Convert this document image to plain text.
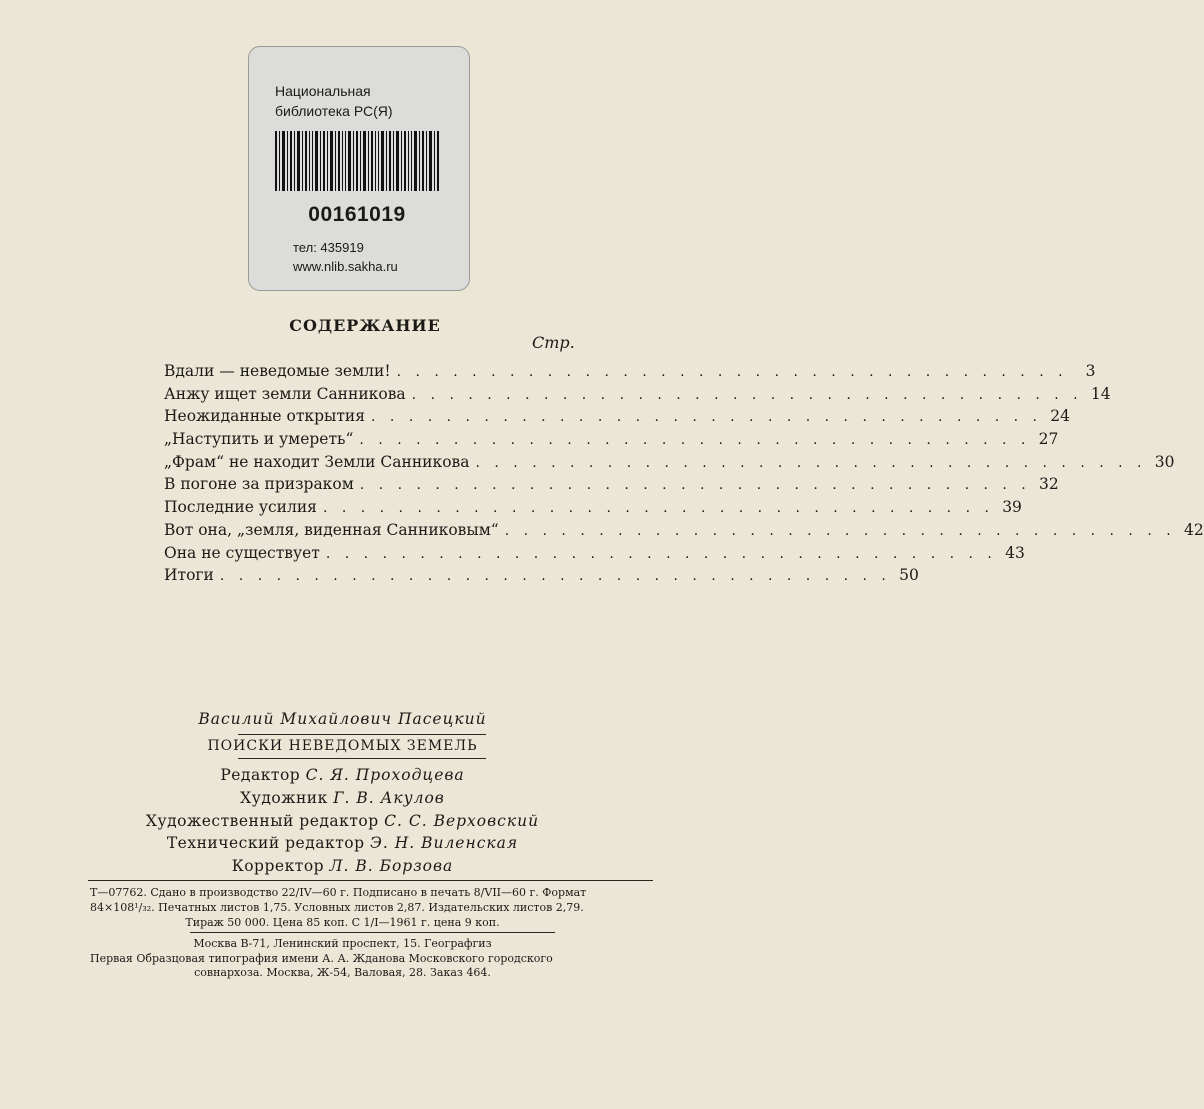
Национальная
библиотека РС(Я)
00161019
тел: 435919
www.nlib.sakha.ru
СОДЕРЖАНИЕ
Стр.
Вдали — неведомые земли! . . . . . . . . . . . . . . . . . . . . . . . . . . . . . . . . . . . .	3
Анжу ищет земли Санникова . . . . . . . . . . . . . . . . . . . . . . . . . . . . . . . . . . . . 14
Неожиданные открытия . . . . . . . . . . . . . . . . . . . . . . . . . . . . . . . . . . . . 24
„Наступить и умереть“ . . . . . . . . . . . . . . . . . . . . . . . . . . . . . . . . . . . . 27
„Фрам“ не находит Земли Санникова . . . . . . . . . . . . . . . . . . . . . . . . . . . . . . . . . . . . 30
В погоне за призраком . . . . . . . . . . . . . . . . . . . . . . . . . . . . . . . . . . . . 32
Последние усилия . . . . . . . . . . . . . . . . . . . . . . . . . . . . . . . . . . . . 39
Вот она, „земля, виденная Санниковым“ . . . . . . . . . . . . . . . . . . . . . . . . . . . . . . . . . . . . 42
Она не существует . . . . . . . . . . . . . . . . . . . . . . . . . . . . . . . . . . . . 43
Итоги . . . . . . . . . . . . . . . . . . . . . . . . . . . . . . . . . . . . 50
Василий Михайлович Пасецкий
ПОИСКИ НЕВЕДОМЫХ ЗЕМЕЛЬ
Редактор С. Я. Проходцева
Художник Г. В. Акулов
Художественный редактор С. С. Верховский
Технический редактор Э. Н. Виленская
Корректор Л. В. Борзова
Т—07762. Сдано в производство 22/IV—60 г. Подписано в печать 8/VII—60 г. Формат
84×108¹/₃₂. Печатных листов 1,75. Условных листов 2,87. Издательских листов 2,79.
Тираж 50 000. Цена 85 коп. С 1/I—1961 г. цена 9 коп.
Москва В-71, Ленинский проспект, 15. Географгиз
Первая Образцовая типография имени А. А. Жданова Московского городского
совнархоза. Москва, Ж-54, Валовая, 28. Заказ 464.
